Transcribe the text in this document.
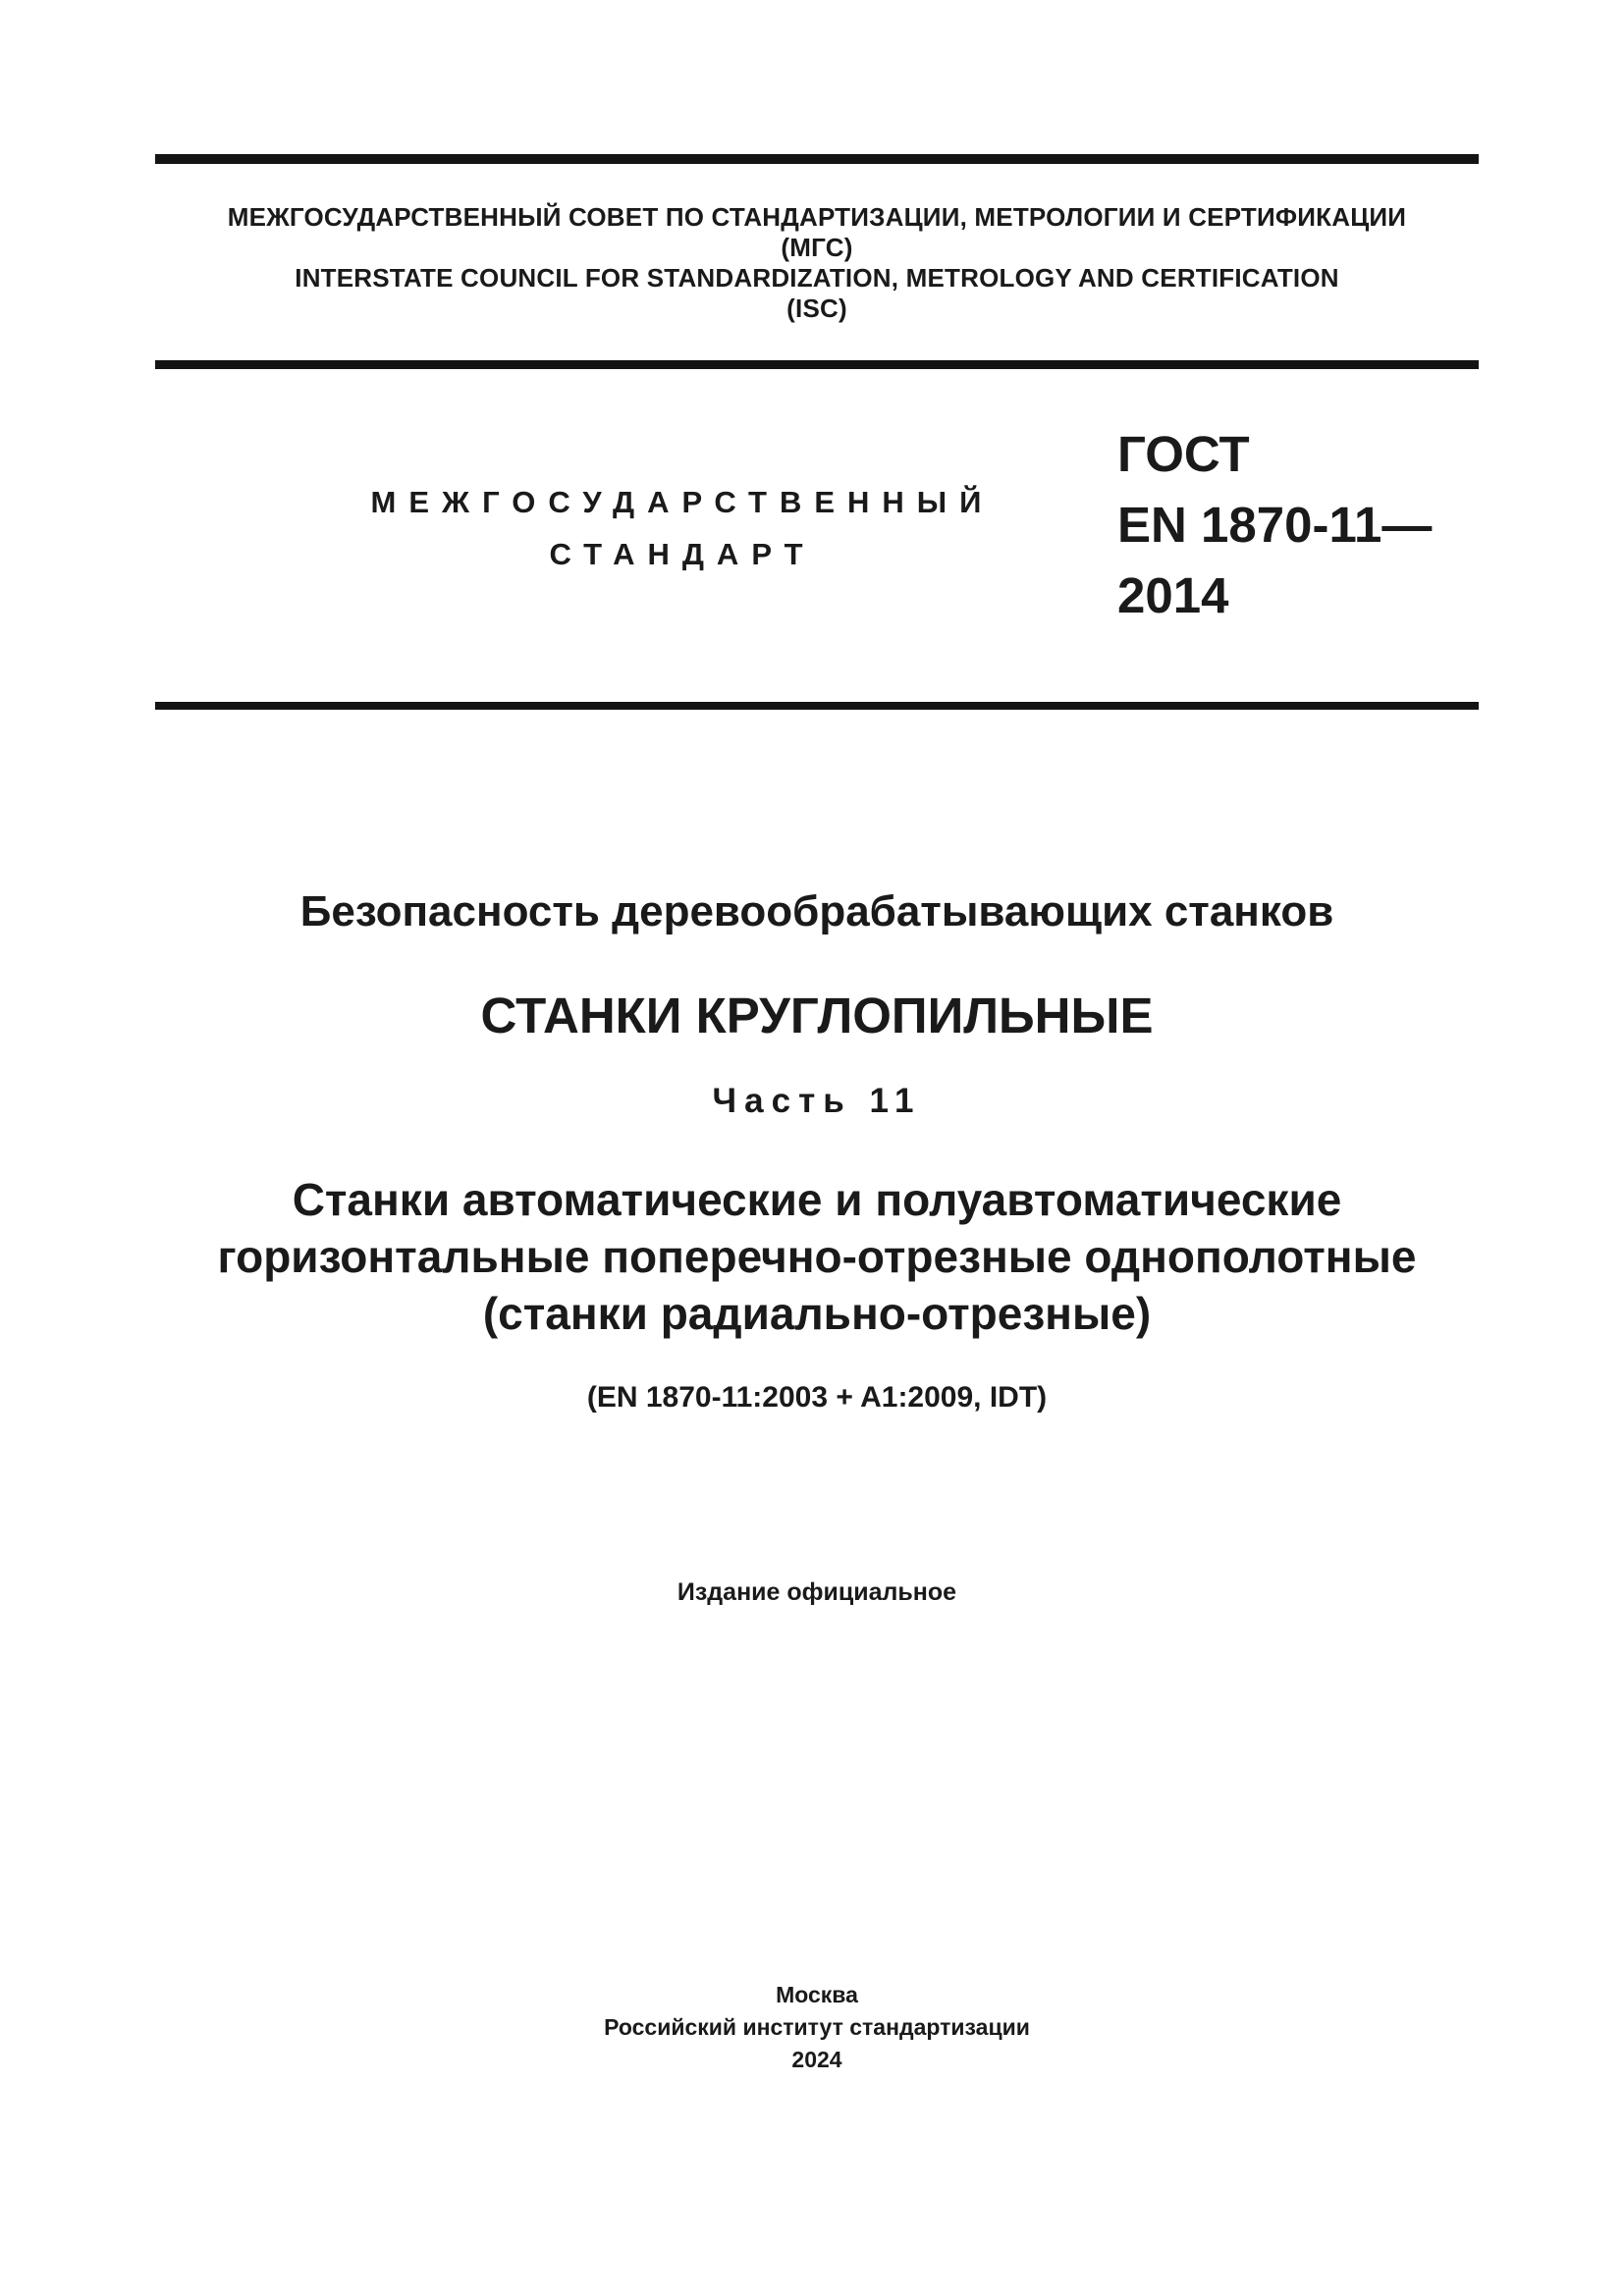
МЕЖГОСУДАРСТВЕННЫЙ СОВЕТ ПО СТАНДАРТИЗАЦИИ, МЕТРОЛОГИИ И СЕРТИФИКАЦИИ
(МГС)
INTERSTATE COUNCIL FOR STANDARDIZATION, METROLOGY AND CERTIFICATION
(ISC)
МЕЖГОСУДАРСТВЕННЫЙ
СТАНДАРТ
ГОСТ
EN 1870-11—
2014
Безопасность деревообрабатывающих станков
СТАНКИ КРУГЛОПИЛЬНЫЕ
Часть 11
Станки автоматические и полуавтоматические
горизонтальные поперечно-отрезные однополотные
(станки радиально-отрезные)
(EN 1870-11:2003 + A1:2009, IDT)
Издание официальное
Москва
Российский институт стандартизации
2024
